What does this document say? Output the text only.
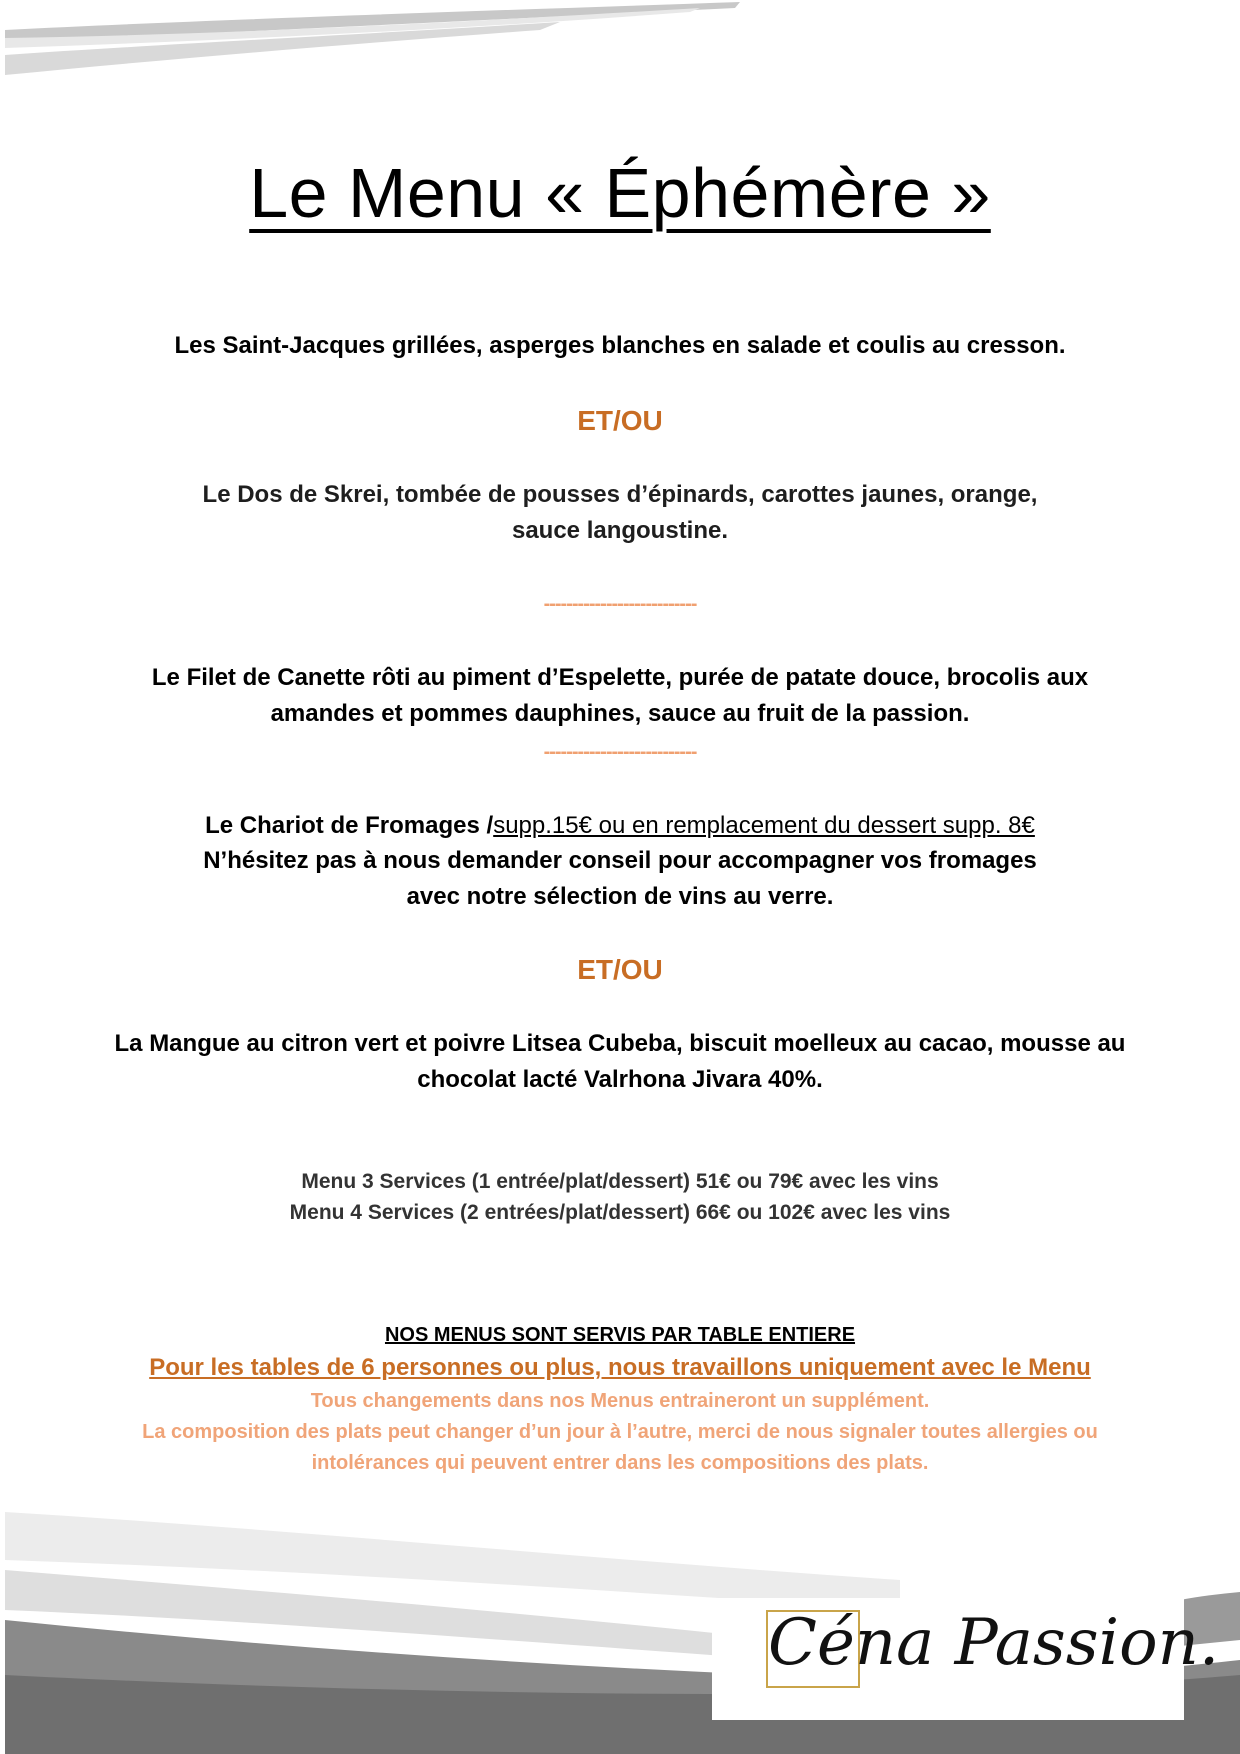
Le Menu « Éphémère »
Les Saint-Jacques grillées, asperges blanches en salade et coulis au cresson.
ET/OU
Le Dos de Skrei, tombée de pousses d’épinards, carottes jaunes, orange,
sauce langoustine.
---------------------------
Le Filet de Canette rôti au piment d’Espelette, purée de patate douce, brocolis aux
amandes et pommes dauphines, sauce au fruit de la passion.
---------------------------
Le Chariot de Fromages /supp.15€ ou en remplacement du dessert supp. 8€
N’hésitez pas à nous demander conseil pour accompagner vos fromages
avec notre sélection de vins au verre.
ET/OU
La Mangue au citron vert et poivre Litsea Cubeba, biscuit moelleux au cacao, mousse au
chocolat lacté Valrhona Jivara 40%.
Menu 3 Services (1 entrée/plat/dessert) 51€ ou 79€ avec les vins
Menu 4 Services (2 entrées/plat/dessert) 66€ ou 102€ avec les vins
NOS MENUS SONT SERVIS PAR TABLE ENTIERE
Pour les tables de 6 personnes ou plus, nous travaillons uniquement avec le Menu
Tous changements dans nos Menus entraineront un supplément.
La composition des plats peut changer d’un jour à l’autre, merci de nous signaler toutes allergies ou
intolérances qui peuvent entrer dans les compositions des plats.
Céna Passion.
